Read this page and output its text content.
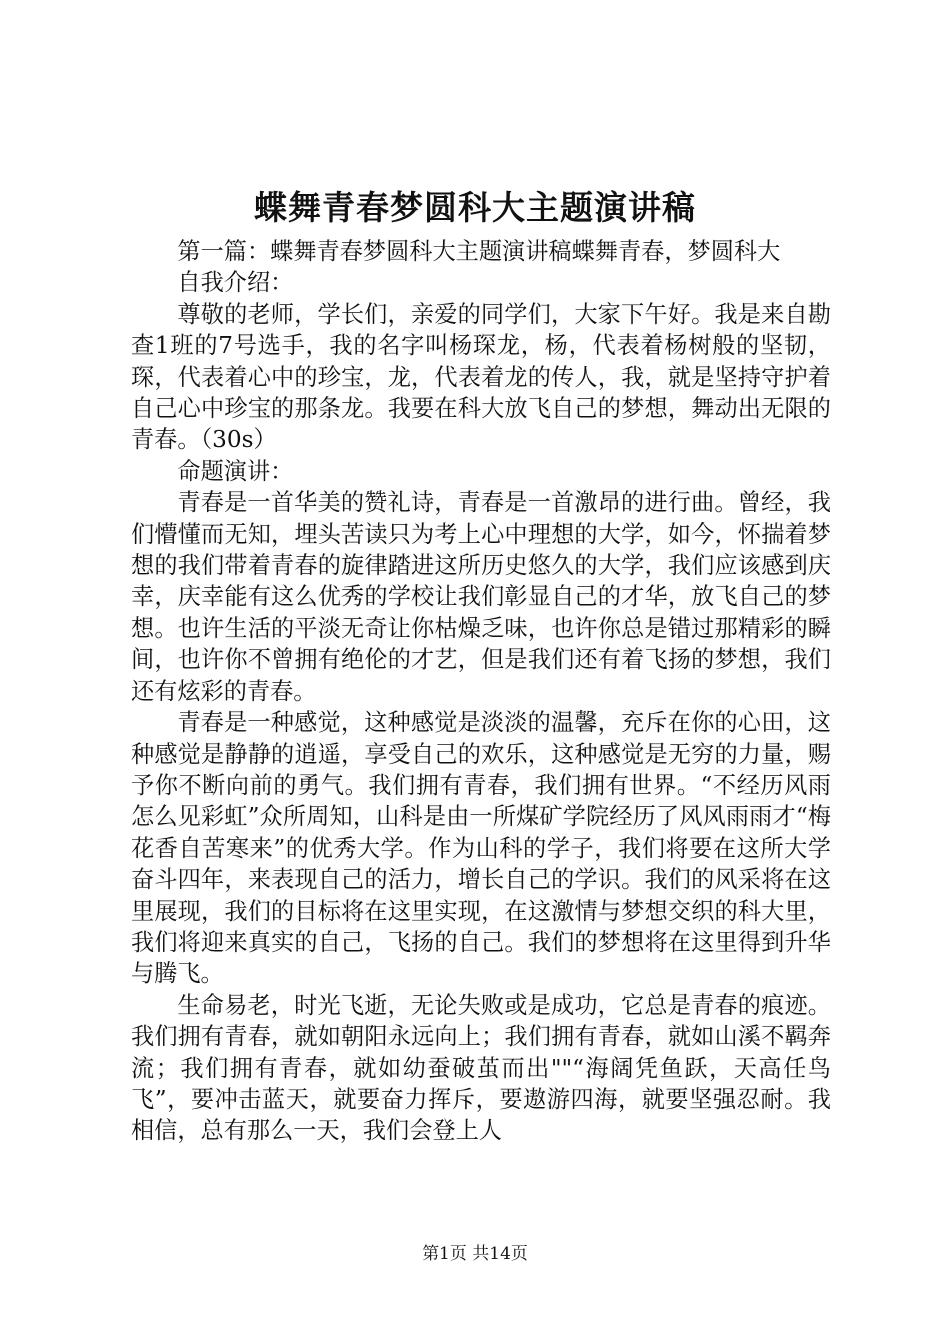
蝶舞青春梦圆科大主题演讲稿

第一篇：蝶舞青春梦圆科大主题演讲稿蝶舞青春，梦圆科大

自我介绍：

尊敬的老师，学长们，亲爱的同学们，大家下午好。我是来自勘查1班的7号选手，我的名字叫杨琛龙，杨，代表着杨树般的坚韧，琛，代表着心中的珍宝，龙，代表着龙的传人，我，就是坚持守护着自己心中珍宝的那条龙。我要在科大放飞自己的梦想，舞动出无限的青春。（30s）

命题演讲：

青春是一首华美的赞礼诗，青春是一首激昂的进行曲。曾经，我们懵懂而无知，埋头苦读只为考上心中理想的大学，如今，怀揣着梦想的我们带着青春的旋律踏进这所历史悠久的大学，我们应该感到庆幸，庆幸能有这么优秀的学校让我们彰显自己的才华，放飞自己的梦想。也许生活的平淡无奇让你枯燥乏味，也许你总是错过那精彩的瞬间，也许你不曾拥有绝伦的才艺，但是我们还有着飞扬的梦想，我们还有炫彩的青春。

青春是一种感觉，这种感觉是淡淡的温馨，充斥在你的心田，这种感觉是静静的逍遥，享受自己的欢乐，这种感觉是无穷的力量，赐予你不断向前的勇气。我们拥有青春，我们拥有世界。“不经历风雨怎么见彩虹”众所周知，山科是由一所煤矿学院经历了风风雨雨才“梅花香自苦寒来”的优秀大学。作为山科的学子，我们将要在这所大学奋斗四年，来表现自己的活力，增长自己的学识。我们的风采将在这里展现，我们的目标将在这里实现，在这激情与梦想交织的科大里，我们将迎来真实的自己，飞扬的自己。我们的梦想将在这里得到升华与腾飞。

生命易老，时光飞逝，无论失败或是成功，它总是青春的痕迹。我们拥有青春，就如朝阳永远向上；我们拥有青春，就如山溪不羁奔流；我们拥有青春，就如幼蚕破茧而出""“海阔凭鱼跃，天高任鸟飞”，要冲击蓝天，就要奋力挥斥，要遨游四海，就要坚强忍耐。我相信，总有那么一天，我们会登上人

第1页 共14页
